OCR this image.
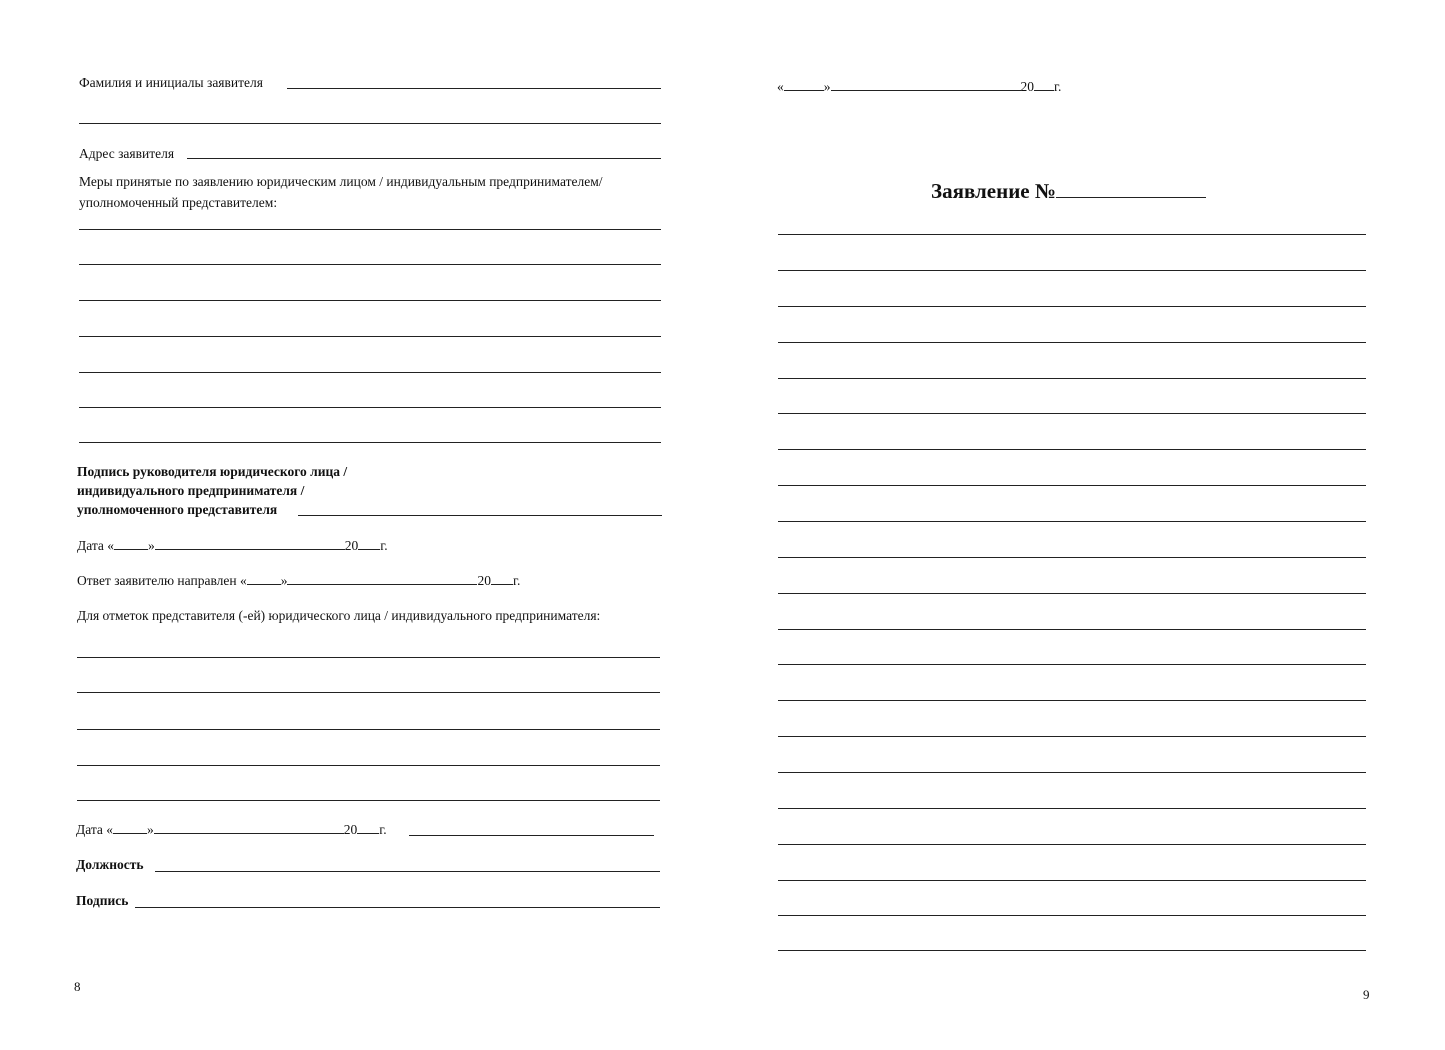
Фамилия и инициалы заявителя
Адрес заявителя
Меры принятые по заявлению юридическим лицом / индивидуальным предпринимателем/
уполномоченный представителем:
Подпись руководителя юридического лица /
индивидуального предпринимателя /
уполномоченного представителя
Дата «	»	20 г.
Ответ заявителю направлен «	»	20 г.
Для отметок представителя (-ей) юридического лица / индивидуального предпринимателя:
Дата «	»	20 г.
Должность
Подпись
8
«	»	20 г.
Заявление №
9
